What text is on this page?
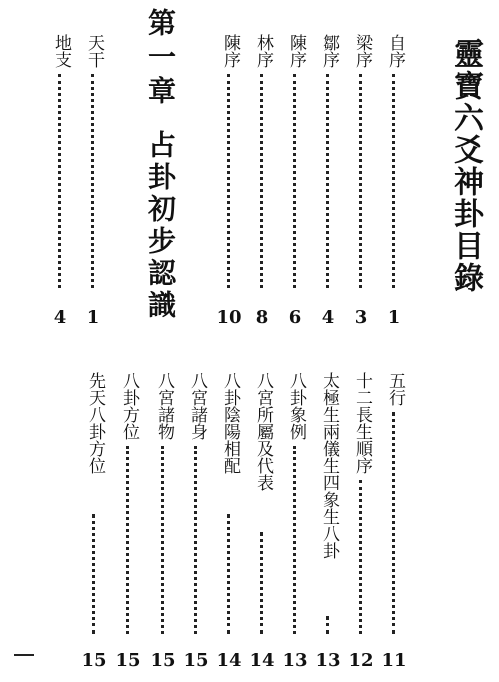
靈寶六爻神卦目錄
第一章
占卦初步認識
自序
1
梁序
3
鄒序
4
陳序
6
林序
8
陳序
10
天干
1
地支
4
五行
11
十二長生順序
12
太極生兩儀生四象生八卦
13
八卦象例
13
八宮所屬及代表
14
八卦陰陽相配
14
八宮諸身
15
八宮諸物
15
八卦方位
15
先天八卦方位
15
